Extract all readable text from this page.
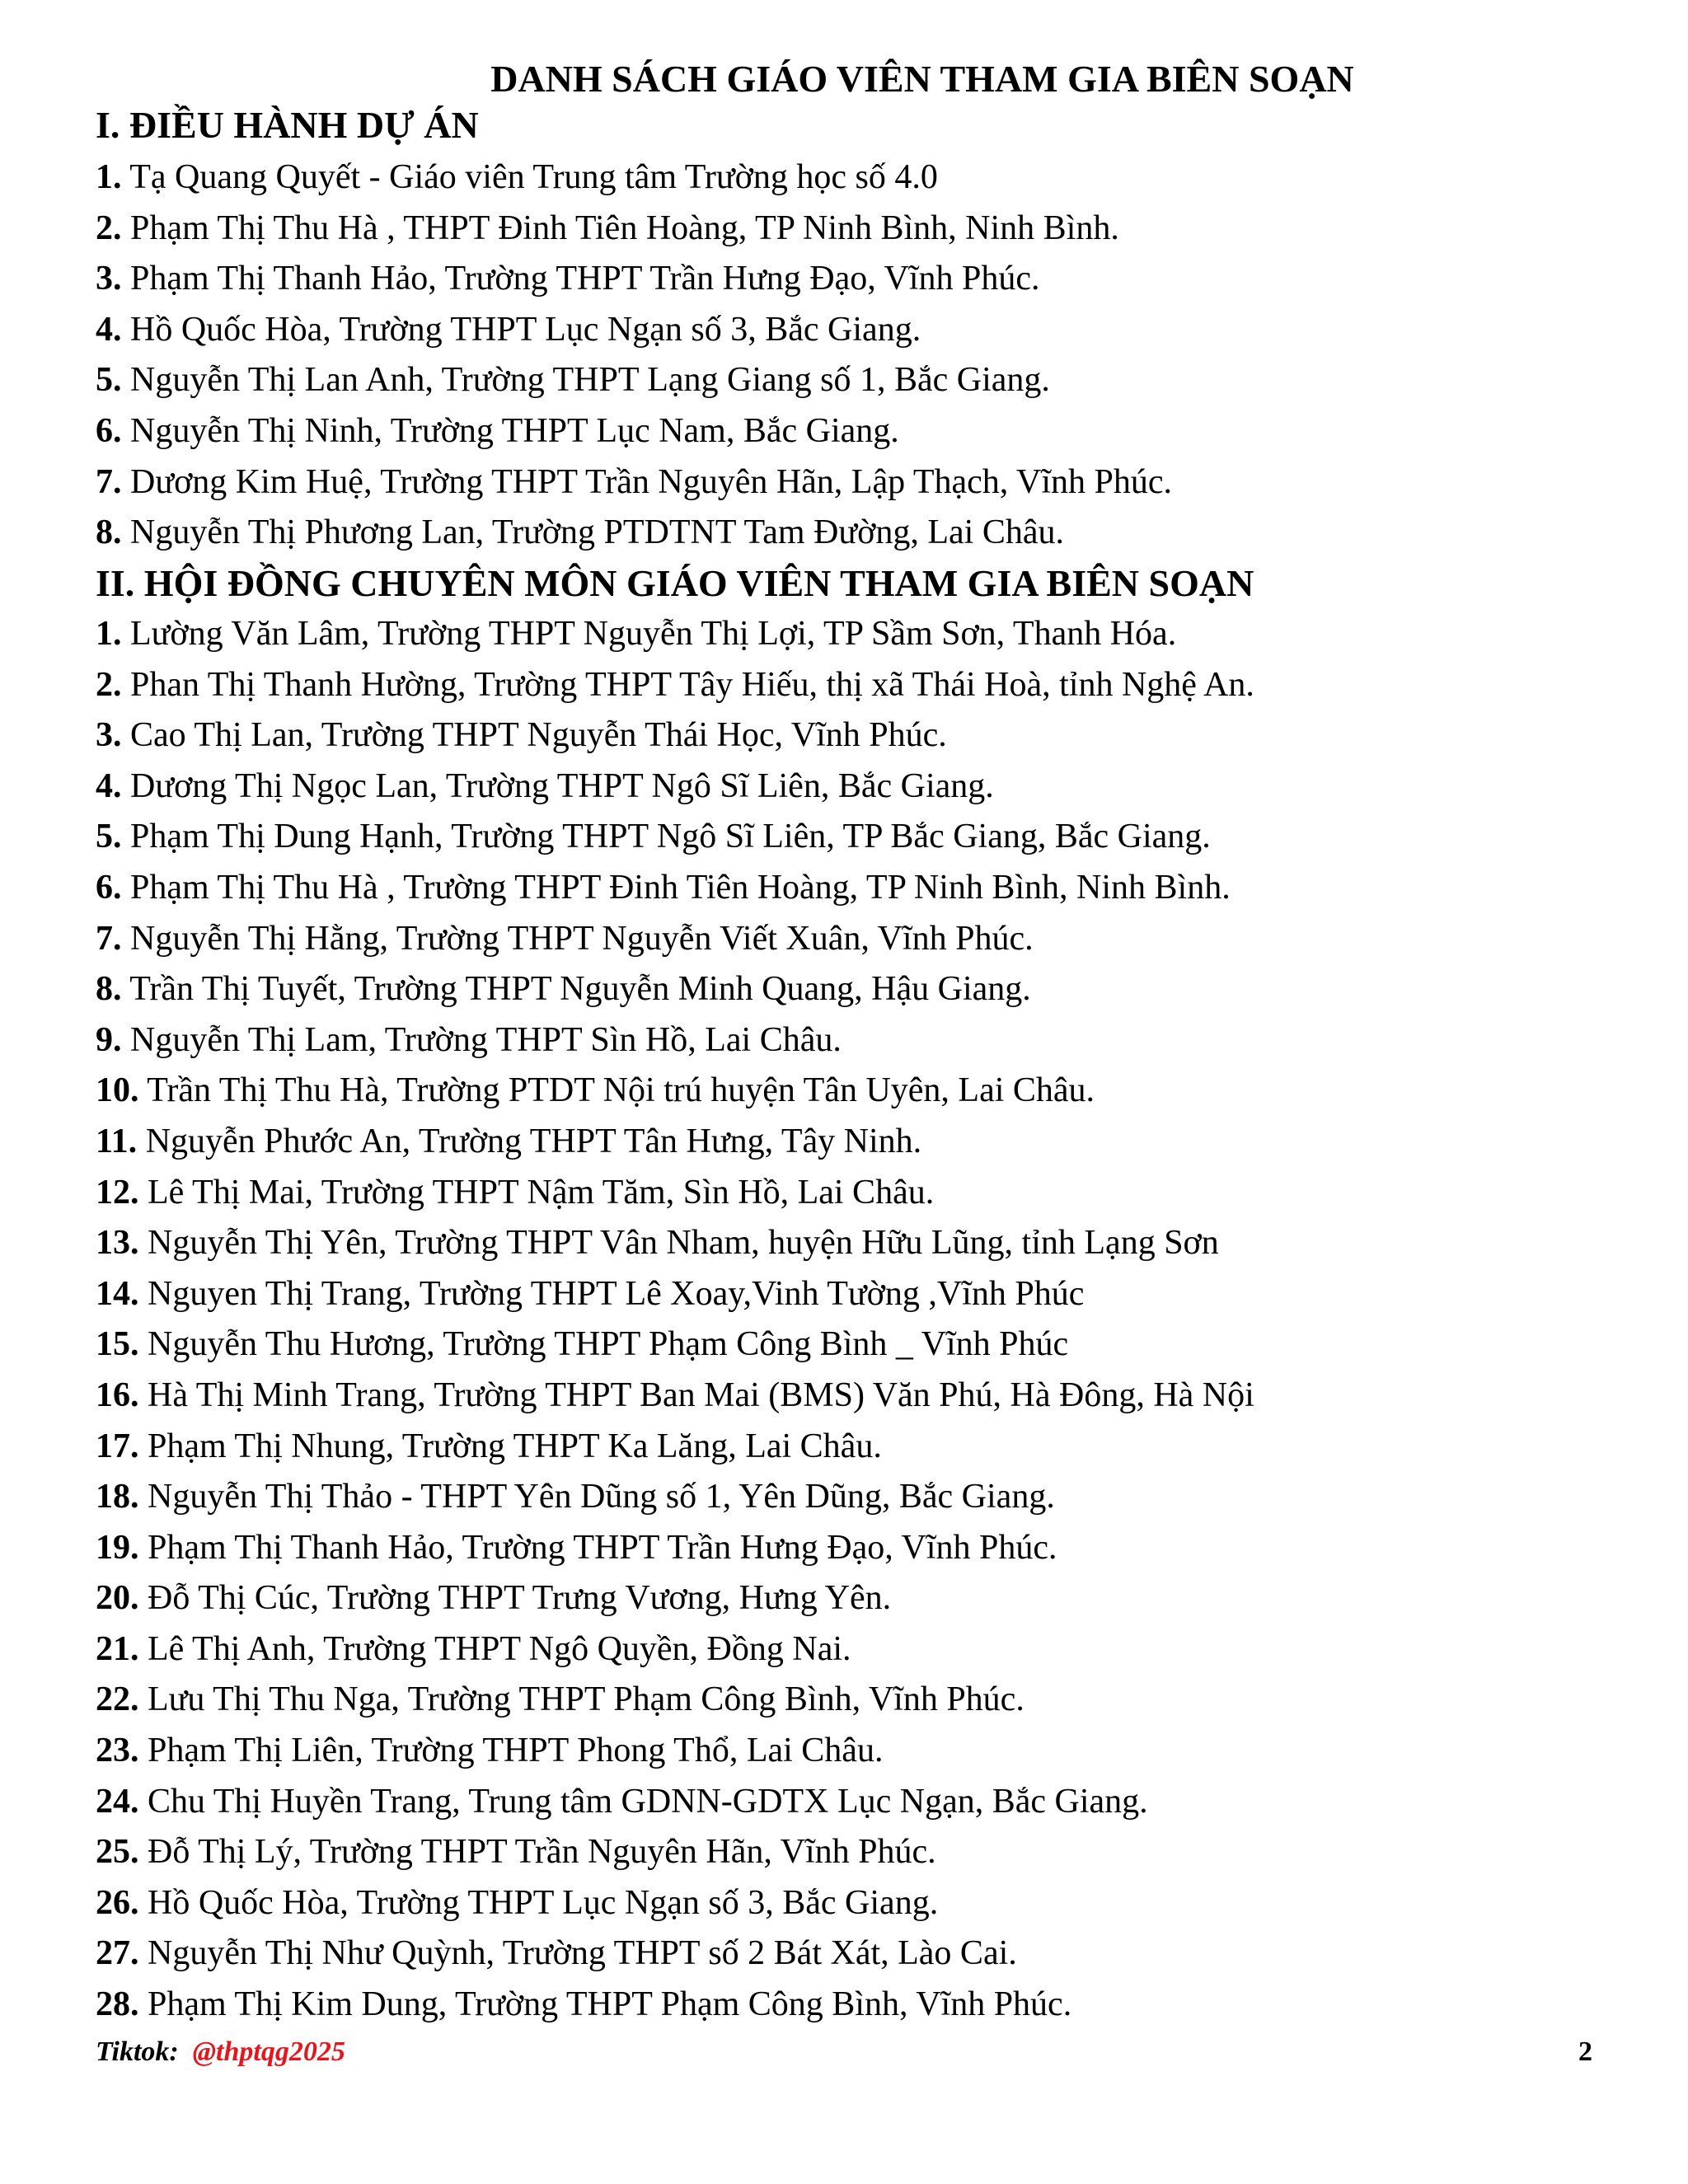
DANH SÁCH GIÁO VIÊN THAM GIA BIÊN SOẠN
I. ĐIỀU HÀNH DỰ ÁN
1. Tạ Quang Quyết - Giáo viên Trung tâm Trường học số 4.0
2. Phạm Thị Thu Hà , THPT Đinh Tiên Hoàng, TP Ninh Bình, Ninh Bình.
3. Phạm Thị Thanh Hảo, Trường THPT Trần Hưng Đạo, Vĩnh Phúc.
4. Hồ Quốc Hòa, Trường THPT Lục Ngạn số 3, Bắc Giang.
5. Nguyễn Thị Lan Anh, Trường THPT Lạng Giang số 1, Bắc Giang.
6. Nguyễn Thị Ninh, Trường THPT Lục Nam, Bắc Giang.
7. Dương Kim Huệ, Trường THPT Trần Nguyên Hãn, Lập Thạch, Vĩnh Phúc.
8. Nguyễn Thị Phương Lan, Trường PTDTNT Tam Đường, Lai Châu.
II. HỘI ĐỒNG CHUYÊN MÔN GIÁO VIÊN THAM GIA BIÊN SOẠN
1. Lường Văn Lâm, Trường THPT Nguyễn Thị Lợi, TP Sầm Sơn, Thanh Hóa.
2. Phan Thị Thanh Hường, Trường THPT Tây Hiếu, thị xã Thái Hoà, tỉnh Nghệ An.
3. Cao Thị Lan, Trường THPT Nguyễn Thái Học, Vĩnh Phúc.
4. Dương Thị Ngọc Lan, Trường THPT Ngô Sĩ Liên, Bắc Giang.
5. Phạm Thị Dung Hạnh, Trường THPT Ngô Sĩ Liên, TP Bắc Giang, Bắc Giang.
6. Phạm Thị Thu Hà , Trường THPT Đinh Tiên Hoàng, TP Ninh Bình, Ninh Bình.
7. Nguyễn Thị Hằng, Trường THPT Nguyễn Viết Xuân, Vĩnh Phúc.
8. Trần Thị Tuyết, Trường THPT Nguyễn Minh Quang, Hậu Giang.
9. Nguyễn Thị Lam, Trường THPT Sìn Hồ, Lai Châu.
10. Trần Thị Thu Hà, Trường PTDT Nội trú huyện Tân Uyên, Lai Châu.
11. Nguyễn Phước An, Trường THPT Tân Hưng, Tây Ninh.
12. Lê Thị Mai, Trường THPT Nậm Tăm, Sìn Hồ, Lai Châu.
13. Nguyễn Thị Yên, Trường THPT Vân Nham, huyện Hữu Lũng, tỉnh Lạng Sơn
14. Nguyen Thị Trang, Trường THPT Lê Xoay,Vinh Tường ,Vĩnh Phúc
15. Nguyễn Thu Hương, Trường THPT Phạm Công Bình _ Vĩnh Phúc
16. Hà Thị Minh Trang, Trường THPT Ban Mai (BMS) Văn Phú, Hà Đông, Hà Nội
17. Phạm Thị Nhung, Trường THPT Ka Lăng, Lai Châu.
18. Nguyễn Thị Thảo - THPT Yên Dũng số 1, Yên Dũng, Bắc Giang.
19. Phạm Thị Thanh Hảo, Trường THPT Trần Hưng Đạo, Vĩnh Phúc.
20. Đỗ Thị Cúc, Trường THPT Trưng Vương, Hưng Yên.
21. Lê Thị Anh, Trường THPT Ngô Quyền, Đồng Nai.
22. Lưu Thị Thu Nga, Trường THPT Phạm Công Bình, Vĩnh Phúc.
23. Phạm Thị Liên, Trường THPT Phong Thổ, Lai Châu.
24. Chu Thị Huyền Trang, Trung tâm GDNN-GDTX Lục Ngạn, Bắc Giang.
25. Đỗ Thị Lý, Trường THPT Trần Nguyên Hãn, Vĩnh Phúc.
26. Hồ Quốc Hòa, Trường THPT Lục Ngạn số 3, Bắc Giang.
27. Nguyễn Thị Như Quỳnh, Trường THPT số 2 Bát Xát, Lào Cai.
28. Phạm Thị Kim Dung, Trường THPT Phạm Công Bình, Vĩnh Phúc.
Tiktok: @thptqg2025	2
